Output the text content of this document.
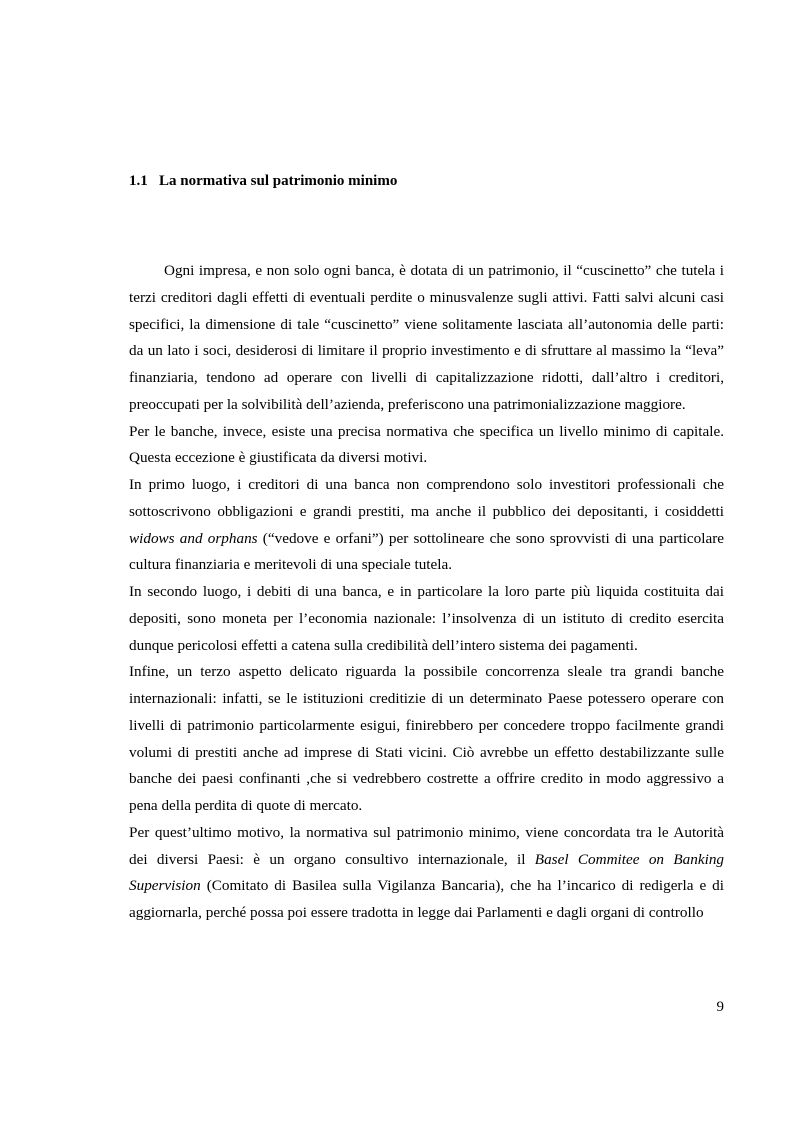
1.1 La normativa sul patrimonio minimo

Ogni impresa, e non solo ogni banca, è dotata di un patrimonio, il “cuscinetto” che tutela i terzi creditori dagli effetti di eventuali perdite o minusvalenze sugli attivi. Fatti salvi alcuni casi specifici, la dimensione di tale “cuscinetto” viene solitamente lasciata all’autonomia delle parti: da un lato i soci, desiderosi di limitare il proprio investimento e di sfruttare al massimo la “leva” finanziaria, tendono ad operare con livelli di capitalizzazione ridotti, dall’altro i creditori, preoccupati per la solvibilità dell’azienda, preferiscono una patrimonializzazione maggiore.

Per le banche, invece, esiste una precisa normativa che specifica un livello minimo di capitale. Questa eccezione è giustificata da diversi motivi.

In primo luogo, i creditori di una banca non comprendono solo investitori professionali che sottoscrivono obbligazioni e grandi prestiti, ma anche il pubblico dei depositanti, i cosiddetti widows and orphans (“vedove e orfani”) per sottolineare che sono sprovvisti di una particolare cultura finanziaria e meritevoli di una speciale tutela.

In secondo luogo, i debiti di una banca, e in particolare la loro parte più liquida costituita dai depositi, sono moneta per l’economia nazionale: l’insolvenza di un istituto di credito esercita dunque pericolosi effetti a catena sulla credibilità dell’intero sistema dei pagamenti.

Infine, un terzo aspetto delicato riguarda la possibile concorrenza sleale tra grandi banche internazionali: infatti, se le istituzioni creditizie di un determinato Paese potessero operare con livelli di patrimonio particolarmente esigui, finirebbero per concedere troppo facilmente grandi volumi di prestiti anche ad imprese di Stati vicini. Ciò avrebbe un effetto destabilizzante sulle banche dei paesi confinanti ,che si vedrebbero costrette a offrire credito in modo aggressivo a pena della perdita di quote di mercato.

Per quest’ultimo motivo, la normativa sul patrimonio minimo, viene concordata tra le Autorità dei diversi Paesi: è un organo consultivo internazionale, il Basel Commitee on Banking Supervision (Comitato di Basilea sulla Vigilanza Bancaria), che ha l’incarico di redigerla e di aggiornarla, perché possa poi essere tradotta in legge dai Parlamenti e dagli organi di controllo

9
